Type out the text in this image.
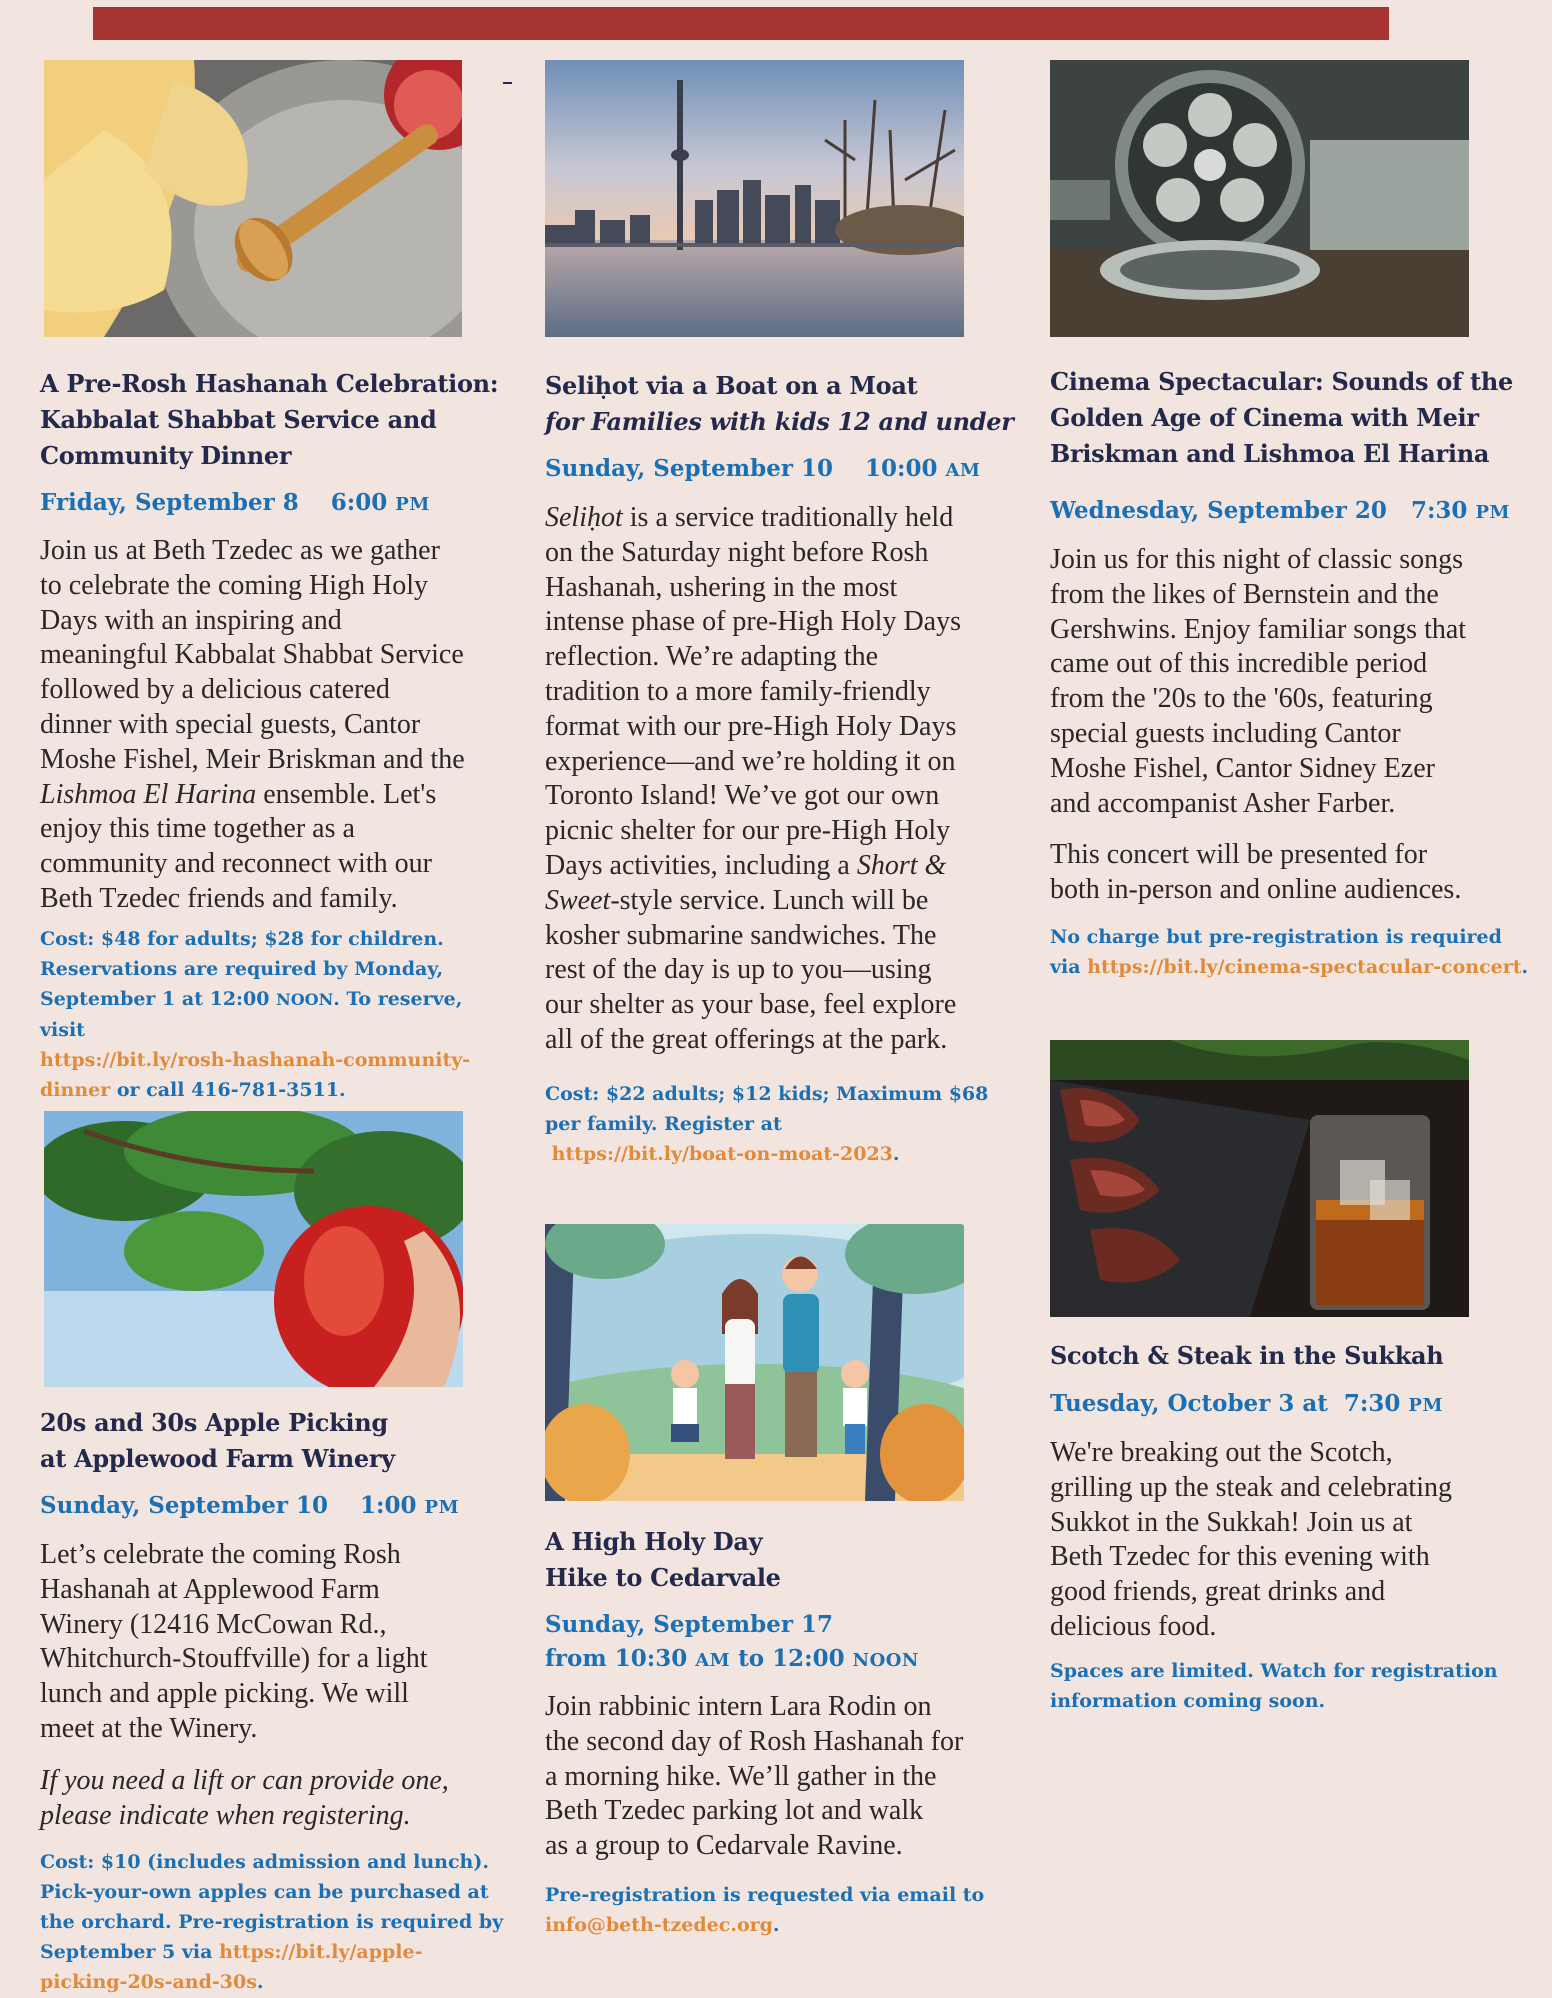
A Pre-Rosh Hashanah Celebration:
Kabbalat Shabbat Service and
Community Dinner

Friday, September 8 6:00 PM

Join us at Beth Tzedec as we gather
to celebrate the coming High Holy
Days with an inspiring and
meaningful Kabbalat Shabbat Service
followed by a delicious catered
dinner with special guests, Cantor
Moshe Fishel, Meir Briskman and the
Lishmoa El Harina ensemble. Let's
enjoy this time together as a
community and reconnect with our
Beth Tzedec friends and family.

Cost: $48 for adults; $28 for children.
Reservations are required by Monday,
September 1 at 12:00 NOON. To reserve, visit
https://bit.ly/rosh-hashanah-community-
dinner or call 416-781-3511.

20s and 30s Apple Picking
at Applewood Farm Winery

Sunday, September 10 1:00 PM

Let’s celebrate the coming Rosh
Hashanah at Applewood Farm
Winery (12416 McCowan Rd.,
Whitchurch-Stouffville) for a light
lunch and apple picking. We will
meet at the Winery.

If you need a lift or can provide one,
please indicate when registering.

Cost: $10 (includes admission and lunch).
Pick-your-own apples can be purchased at
the orchard. Pre-registration is required by
September 5 via https://bit.ly/apple-
picking-20s-and-30s.

Seliḥot via a Boat on a Moat
for Families with kids 12 and under

Sunday, September 10 10:00 AM

Seliḥot is a service traditionally held
on the Saturday night before Rosh
Hashanah, ushering in the most
intense phase of pre-High Holy Days
reflection. We’re adapting the
tradition to a more family-friendly
format with our pre-High Holy Days
experience—and we’re holding it on
Toronto Island! We’ve got our own
picnic shelter for our pre-High Holy
Days activities, including a Short &
Sweet-style service. Lunch will be
kosher submarine sandwiches. The
rest of the day is up to you—using
our shelter as your base, feel explore
all of the great offerings at the park.

Cost: $22 adults; $12 kids; Maximum $68
per family. Register at
https://bit.ly/boat-on-moat-2023.

A High Holy Day
Hike to Cedarvale

Sunday, September 17
from 10:30 AM to 12:00 NOON

Join rabbinic intern Lara Rodin on
the second day of Rosh Hashanah for
a morning hike. We’ll gather in the
Beth Tzedec parking lot and walk
as a group to Cedarvale Ravine.

Pre-registration is requested via email to
info@beth-tzedec.org.

Cinema Spectacular: Sounds of the
Golden Age of Cinema with Meir
Briskman and Lishmoa El Harina

Wednesday, September 20 7:30 PM

Join us for this night of classic songs
from the likes of Bernstein and the
Gershwins. Enjoy familiar songs that
came out of this incredible period
from the '20s to the '60s, featuring
special guests including Cantor
Moshe Fishel, Cantor Sidney Ezer
and accompanist Asher Farber.

This concert will be presented for
both in-person and online audiences.

No charge but pre-registration is required
via https://bit.ly/cinema-spectacular-concert.

Scotch & Steak in the Sukkah

Tuesday, October 3 at 7:30 PM

We're breaking out the Scotch,
grilling up the steak and celebrating
Sukkot in the Sukkah! Join us at
Beth Tzedec for this evening with
good friends, great drinks and
delicious food.

Spaces are limited. Watch for registration
information coming soon.
